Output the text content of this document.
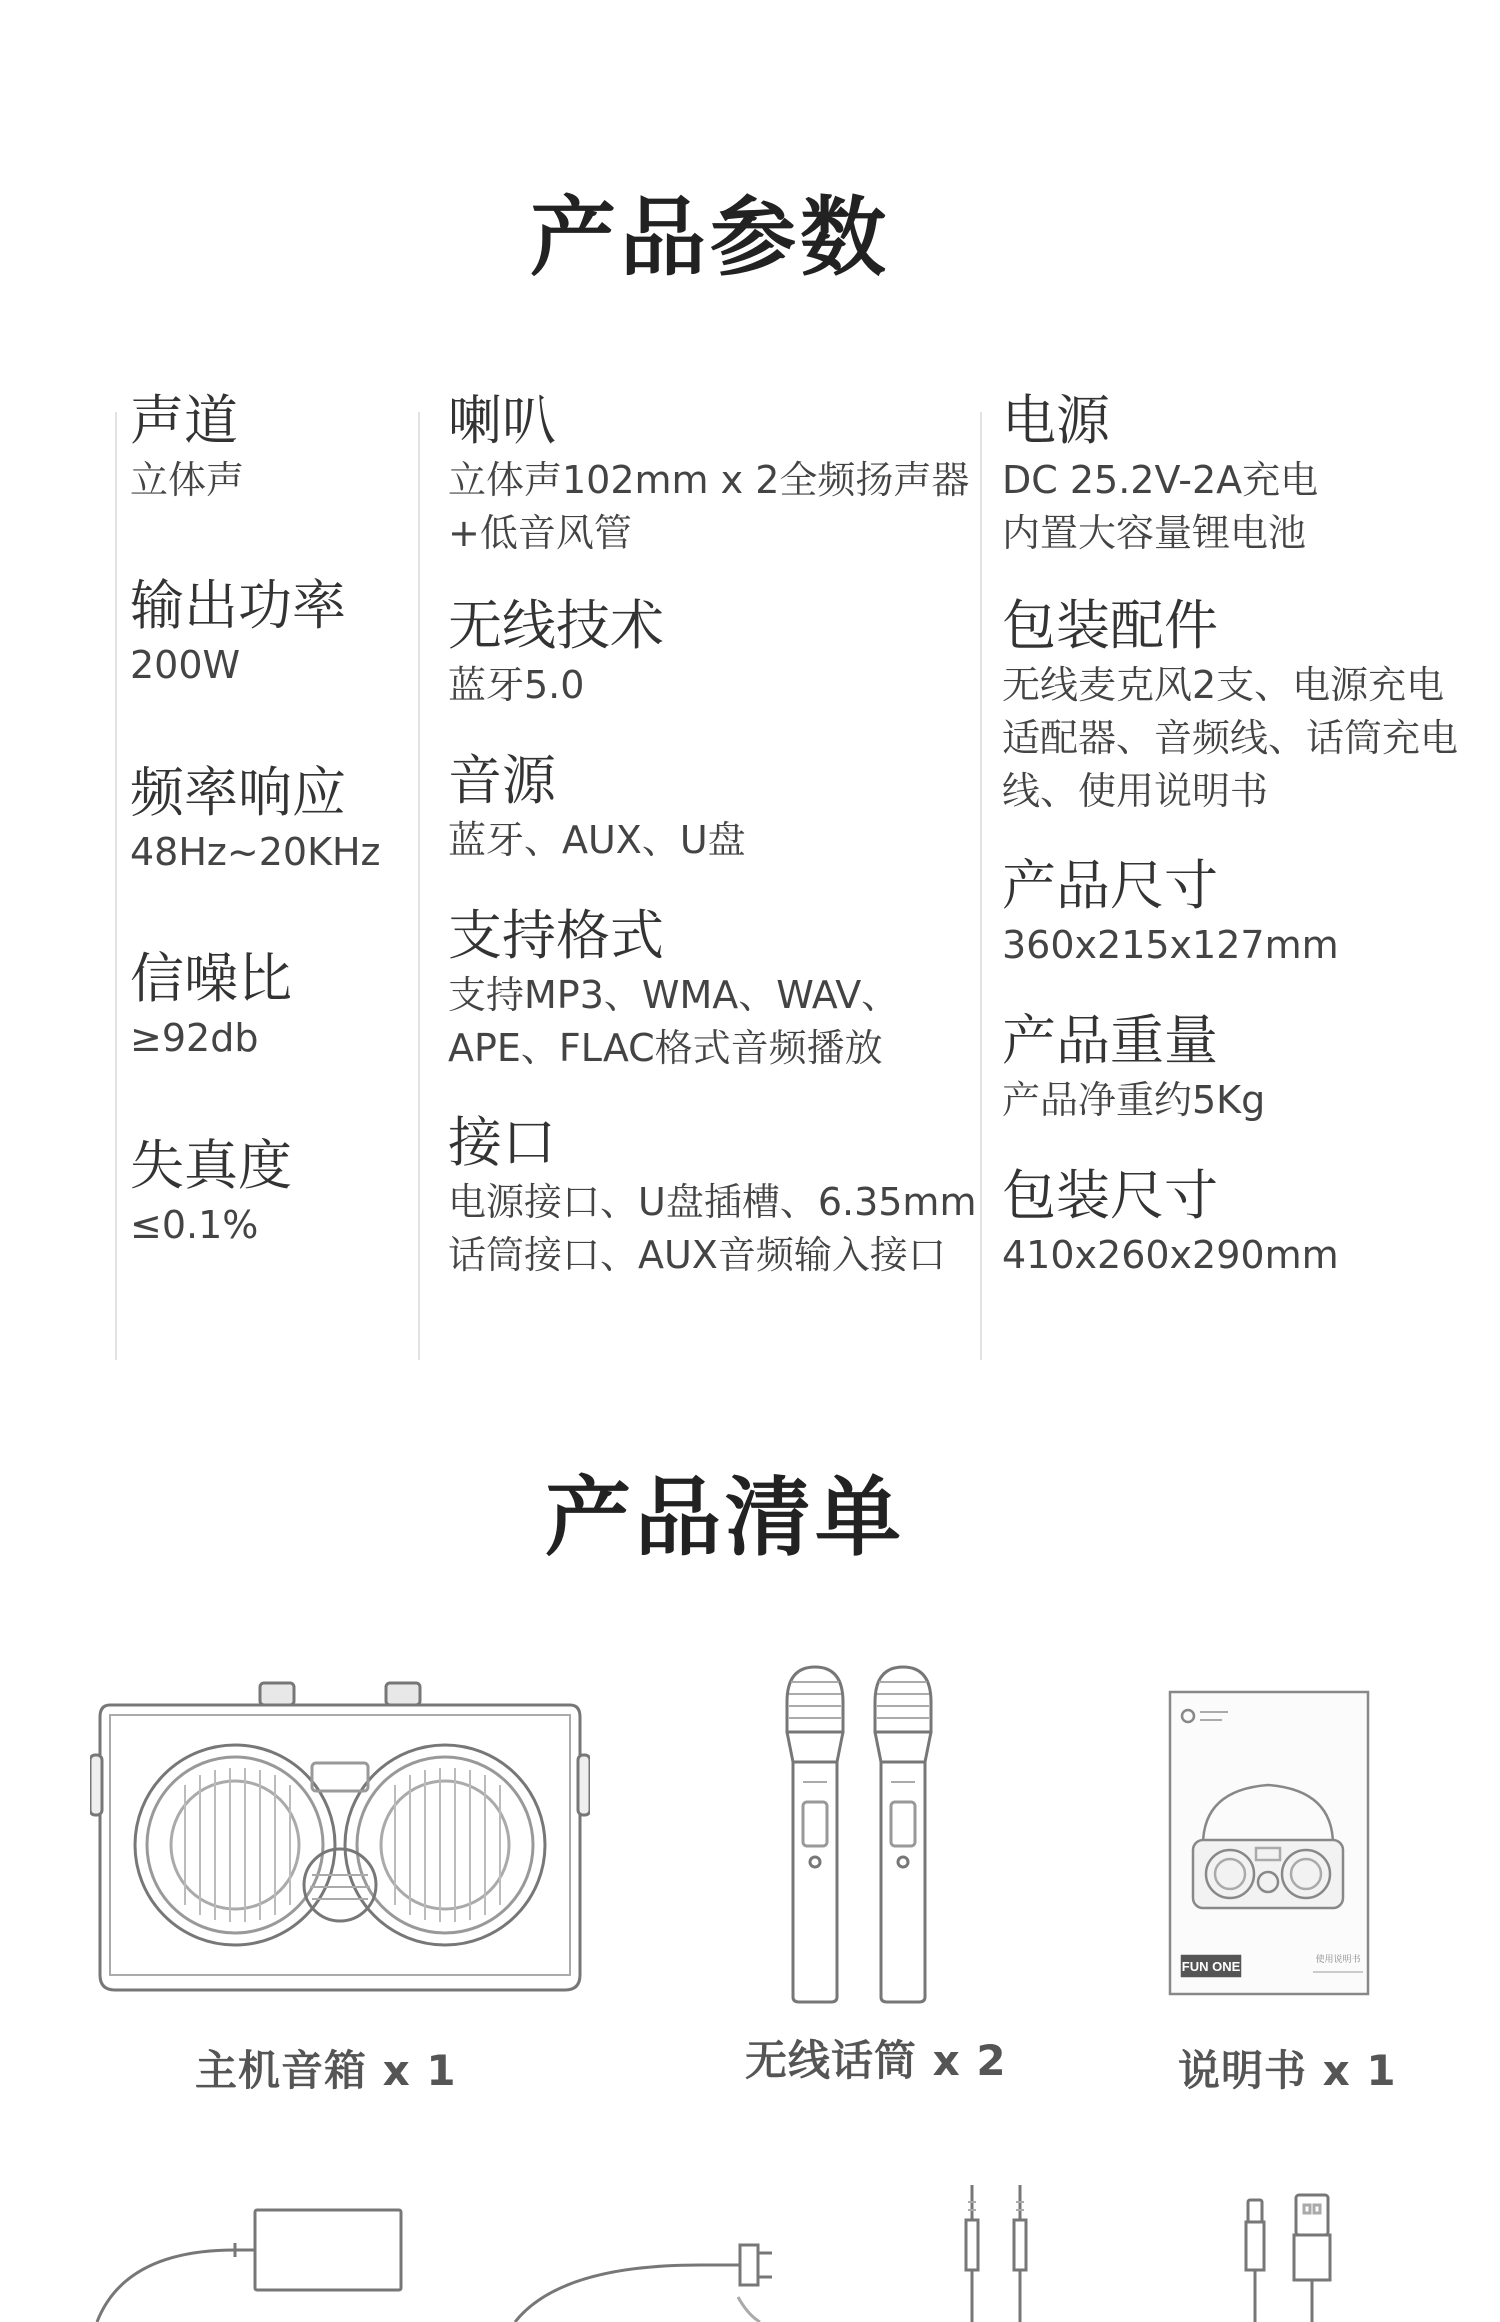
产品参数
声道
立体声
输出功率
200W
频率响应
48Hz~20KHz
信噪比
≥92db
失真度
≤0.1%
喇叭
立体声102mm x 2全频扬声器
+低音风管
无线技术
蓝牙5.0
音源
蓝牙、AUX、U盘
支持格式
支持MP3、WMA、WAV、
APE、FLAC格式音频播放
接口
电源接口、U盘插槽、6.35mm
话筒接口、AUX音频输入接口
电源
DC 25.2V-2A充电
内置大容量锂电池
包装配件
无线麦克风2支、电源充电
适配器、音频线、话筒充电
线、使用说明书
产品尺寸
360x215x127mm
产品重量
产品净重约5Kg
包装尺寸
410x260x290mm
产品清单
主机音箱 x 1	无线话筒 x 2
FUN ONE	使用说明书
说明书 x 1
